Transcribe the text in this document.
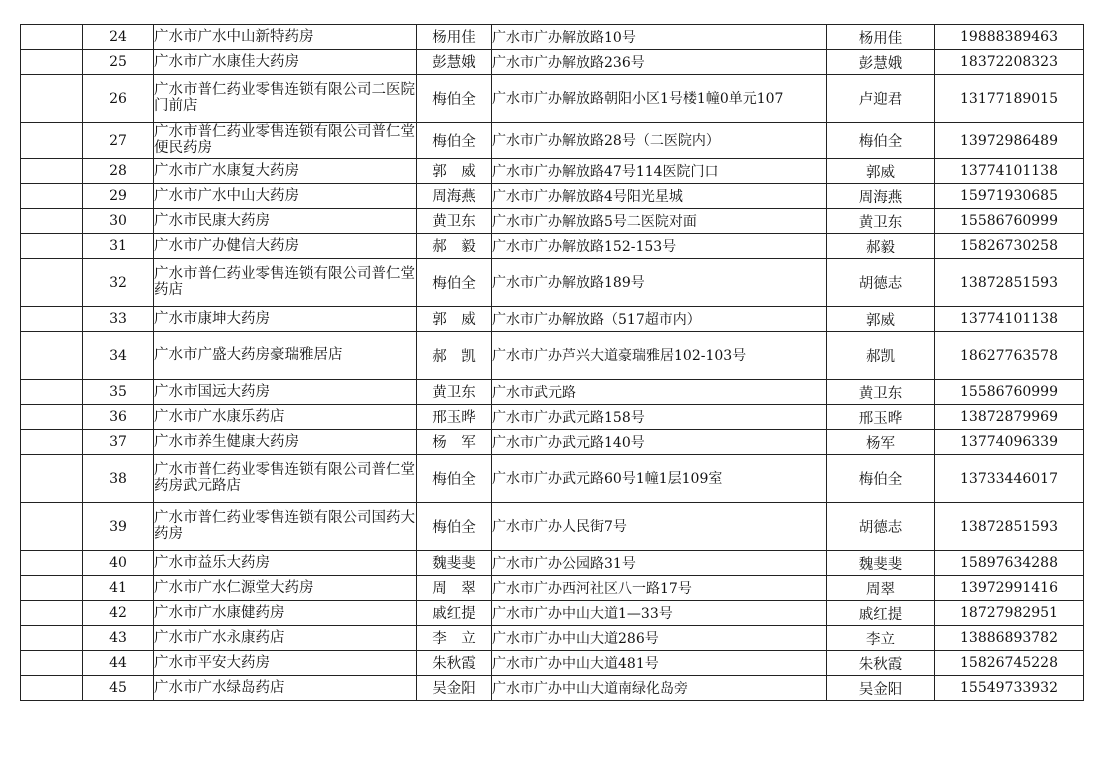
	24	广水市广水中山新特药房	杨用佳	广水市广办解放路10号	杨用佳	19888389463
	25	广水市广水康佳大药房	彭慧娥	广水市广办解放路236号	彭慧娥	18372208323
	26	广水市普仁药业零售连锁有限公司二医院门前店	梅伯全	广水市广办解放路朝阳小区1号楼1幢0单元107	卢迎君	13177189015
	27	广水市普仁药业零售连锁有限公司普仁堂便民药房	梅伯全	广水市广办解放路28号（二医院内）	梅伯全	13972986489
	28	广水市广水康复大药房	郭　威	广水市广办解放路47号114医院门口	郭威	13774101138
	29	广水市广水中山大药房	周海燕	广水市广办解放路4号阳光星城	周海燕	15971930685
	30	广水市民康大药房	黄卫东	广水市广办解放路5号二医院对面	黄卫东	15586760999
	31	广水市广办健信大药房	郝　毅	广水市广办解放路152-153号	郝毅	15826730258
	32	广水市普仁药业零售连锁有限公司普仁堂药店	梅伯全	广水市广办解放路189号	胡德志	13872851593
	33	广水市康坤大药房	郭　威	广水市广办解放路（517超市内）	郭威	13774101138
	34	广水市广盛大药房豪瑞雅居店	郝　凯	广水市广办芦兴大道豪瑞雅居102-103号	郝凯	18627763578
	35	广水市国远大药房	黄卫东	广水市武元路	黄卫东	15586760999
	36	广水市广水康乐药店	邢玉晔	广水市广办武元路158号	邢玉晔	13872879969
	37	广水市养生健康大药房	杨　军	广水市广办武元路140号	杨军	13774096339
	38	广水市普仁药业零售连锁有限公司普仁堂药房武元路店	梅伯全	广水市广办武元路60号1幢1层109室	梅伯全	13733446017
	39	广水市普仁药业零售连锁有限公司国药大药房	梅伯全	广水市广办人民街7号	胡德志	13872851593
	40	广水市益乐大药房	魏斐斐	广水市广办公园路31号	魏斐斐	15897634288
	41	广水市广水仁源堂大药房	周　翠	广水市广办西河社区八一路17号	周翠	13972991416
	42	广水市广水康健药房	戚红提	广水市广办中山大道1—33号	戚红提	18727982951
	43	广水市广水永康药店	李　立	广水市广办中山大道286号	李立	13886893782
	44	广水市平安大药房	朱秋霞	广水市广办中山大道481号	朱秋霞	15826745228
	45	广水市广水绿岛药店	吴金阳	广水市广办中山大道南绿化岛旁	吴金阳	15549733932
